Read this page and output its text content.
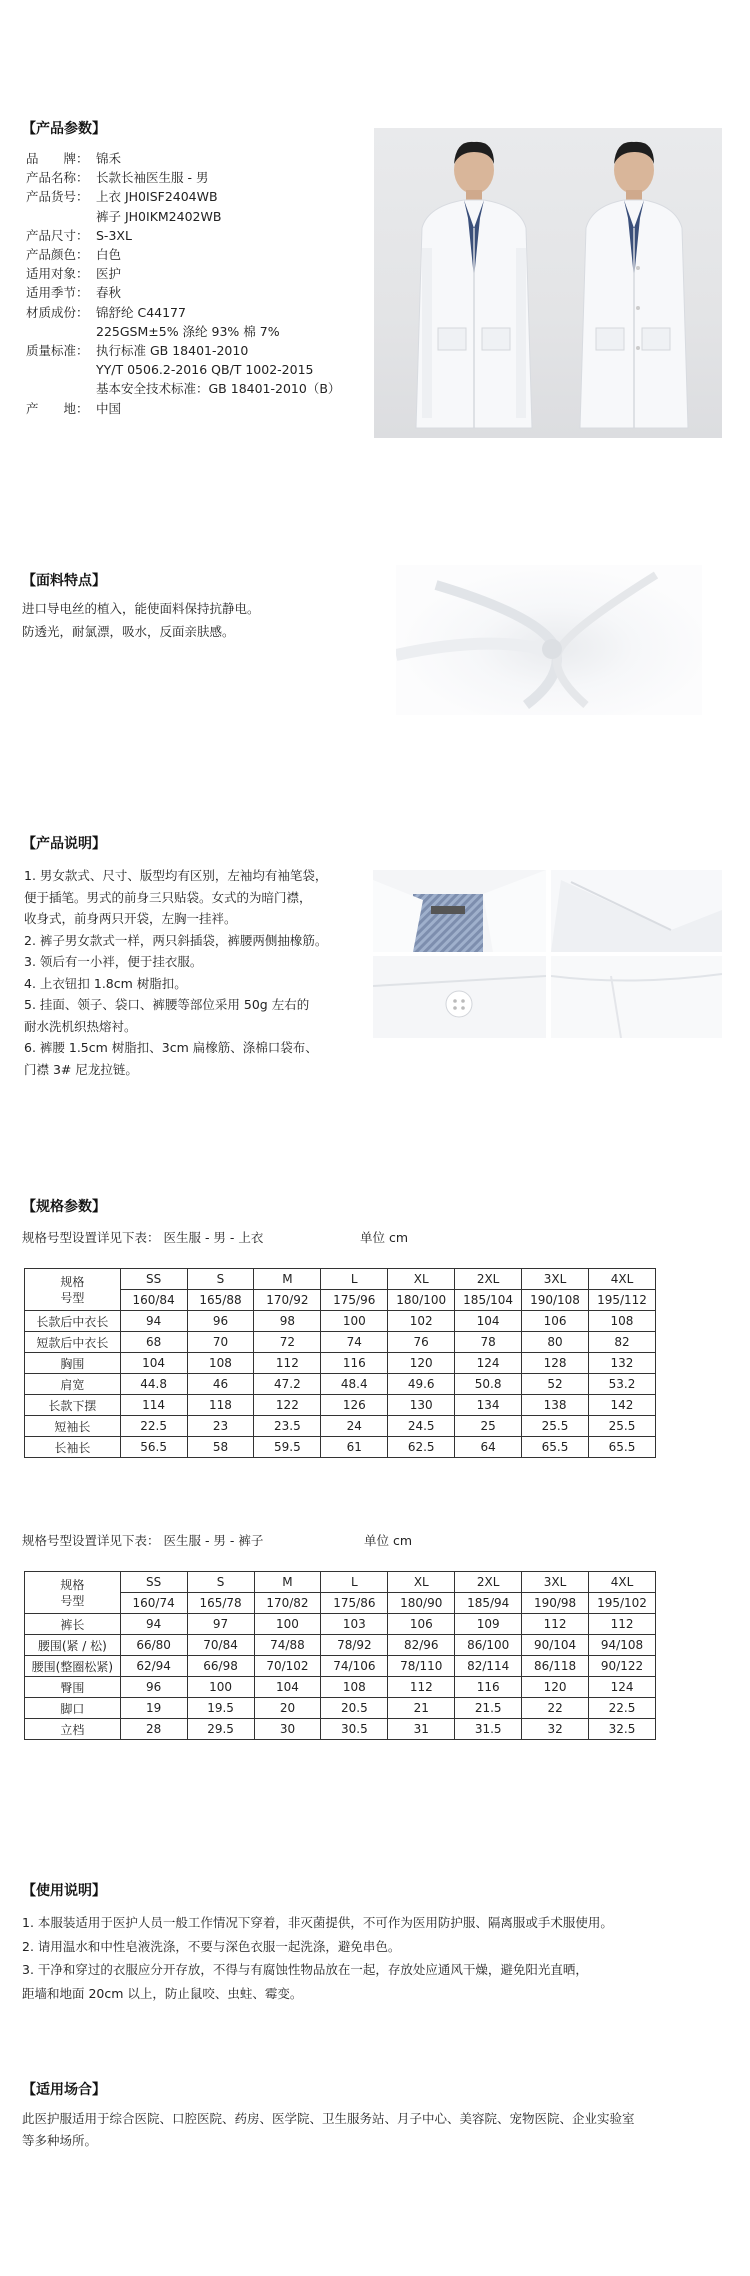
【产品参数】
品　　牌： 锦禾
产品名称： 长款长袖医生服 - 男
产品货号： 上衣 JH0ISF2404WB
裤子 JH0IKM2402WB
产品尺寸： S-3XL
产品颜色： 白色
适用对象： 医护
适用季节： 春秋
材质成份： 锦舒纶 C44177
225GSM±5% 涤纶 93% 棉 7%
质量标准： 执行标准 GB 18401-2010
YY/T 0506.2-2016 QB/T 1002-2015
基本安全技术标准：GB 18401-2010（B）
产　　地： 中国
【面料特点】
进口导电丝的植入，能使面料保持抗静电。
防透光，耐氯漂，吸水，反面亲肤感。
【产品说明】
1. 男女款式、尺寸、版型均有区别，左袖均有袖笔袋，
便于插笔。男式的前身三只贴袋。女式的为暗门襟，
收身式，前身两只开袋，左胸一挂袢。
2. 裤子男女款式一样，两只斜插袋，裤腰两侧抽橡筋。
3. 领后有一小袢，便于挂衣服。
4. 上衣钮扣 1.8cm 树脂扣。
5. 挂面、领子、袋口、裤腰等部位采用 50g 左右的
耐水洗机织热熔衬。
6. 裤腰 1.5cm 树脂扣、3cm 扁橡筋、涤棉口袋布、
门襟 3# 尼龙拉链。
【规格参数】
规格号型设置详见下表： 医生服 - 男 - 上衣	单位 cm
规格
号型	SS	S	M	L	XL	2XL	3XL	4XL
	160/84	165/88	170/92	175/96	180/100	185/104	190/108	195/112
长款后中衣长	94	96	98	100	102	104	106	108
短款后中衣长	68	70	72	74	76	78	80	82
胸围	104	108	112	116	120	124	128	132
肩宽	44.8	46	47.2	48.4	49.6	50.8	52	53.2
长款下摆	114	118	122	126	130	134	138	142
短袖长	22.5	23	23.5	24	24.5	25	25.5	25.5
长袖长	56.5	58	59.5	61	62.5	64	65.5	65.5
规格号型设置详见下表： 医生服 - 男 - 裤子	单位 cm
规格
号型	SS	S	M	L	XL	2XL	3XL	4XL
	160/74	165/78	170/82	175/86	180/90	185/94	190/98	195/102
裤长	94	97	100	103	106	109	112	112
腰围(紧 / 松)	66/80	70/84	74/88	78/92	82/96	86/100	90/104	94/108
腰围(整圈松紧)	62/94	66/98	70/102	74/106	78/110	82/114	86/118	90/122
臀围	96	100	104	108	112	116	120	124
脚口	19	19.5	20	20.5	21	21.5	22	22.5
立档	28	29.5	30	30.5	31	31.5	32	32.5
【使用说明】
1. 本服装适用于医护人员一般工作情况下穿着，非灭菌提供，不可作为医用防护服、隔离服或手术服使用。
2. 请用温水和中性皂液洗涤，不要与深色衣服一起洗涤，避免串色。
3. 干净和穿过的衣服应分开存放，不得与有腐蚀性物品放在一起，存放处应通风干燥，避免阳光直晒，
距墙和地面 20cm 以上，防止鼠咬、虫蛀、霉变。
【适用场合】
此医护服适用于综合医院、口腔医院、药房、医学院、卫生服务站、月子中心、美容院、宠物医院、企业实验室
等多种场所。
